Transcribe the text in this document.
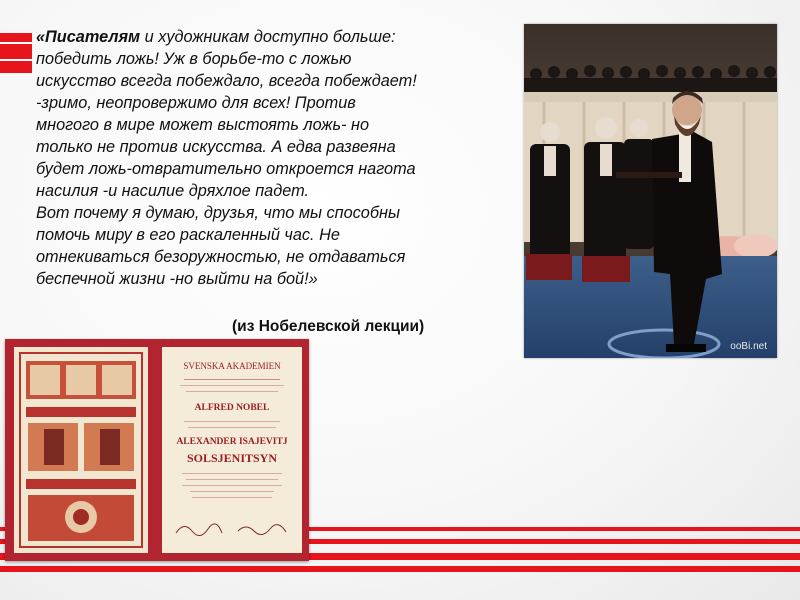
«Писателям и художникам доступно больше:
победить ложь! Уж в борьбе-то с ложью
искусство всегда побеждало, всегда побеждает!
-зримо, неопровержимо для всех! Против
многого в мире может выстоять ложь- но
только не против искусства. А едва развеяна
будет ложь-отвратительно откроется нагота
насилия -и насилие дряхлое падет.
Вот почему я думаю, друзья, что мы способны
помочь миру в его раскаленный час. Не
отнекиваться безоружностью, не отдаваться
беспечной жизни -но выйти на бой!»

(из Нобелевской лекции)
ooBi.net
SVENSKA AKADEMIEN
ALFRED NOBEL
ALEXANDER ISAJEVITJ
SOLSJENITSYN
